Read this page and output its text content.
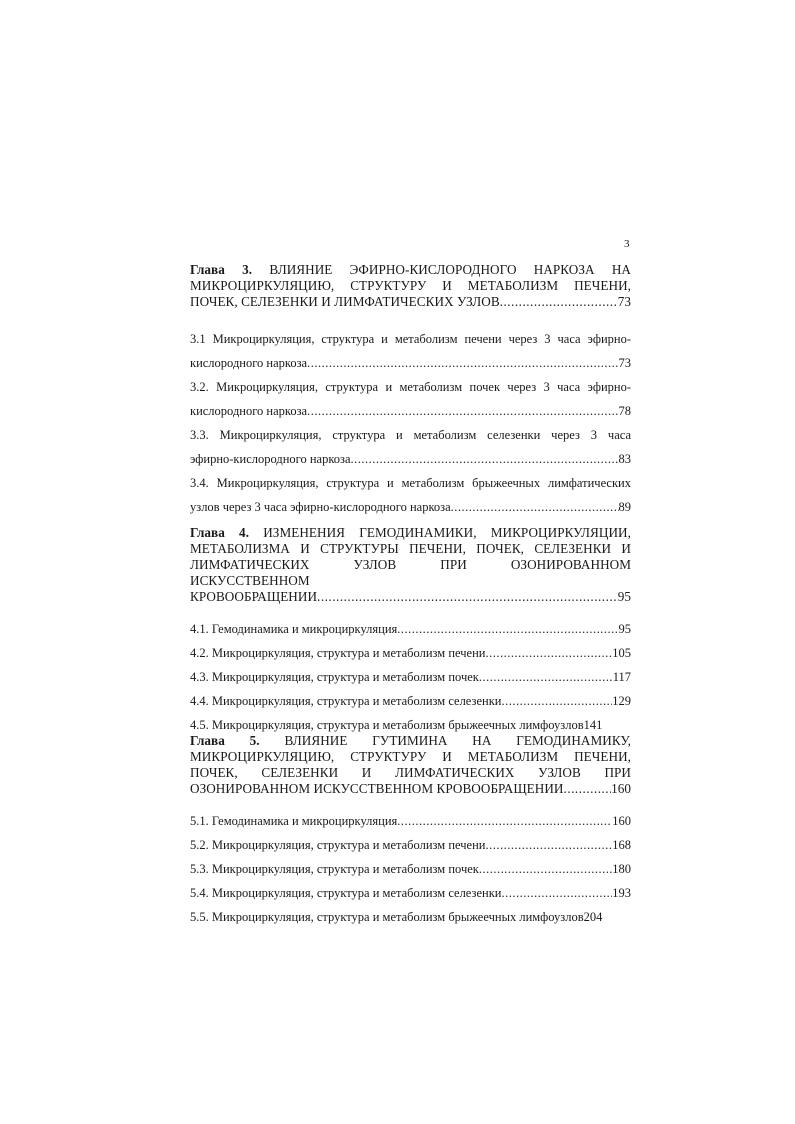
3
Глава 3. ВЛИЯНИЕ ЭФИРНО-КИСЛОРОДНОГО НАРКОЗА НА
МИКРОЦИРКУЛЯЦИЮ, СТРУКТУРУ И МЕТАБОЛИЗМ ПЕЧЕНИ,
ПОЧЕК, СЕЛЕЗЕНКИ И ЛИМФАТИЧЕСКИХ УЗЛОВ .....	73
3.1 Микроциркуляция, структура и метаболизм печени через 3 часа эфирно-
кислородного наркоза .....	73
3.2. Микроциркуляция, структура и метаболизм почек через 3 часа эфирно-
кислородного наркоза .....	78
3.3. Микроциркуляция, структура и метаболизм селезенки через 3 часа
эфирно-кислородного наркоза .....	83
3.4. Микроциркуляция, структура и метаболизм брыжеечных лимфатических
узлов через 3 часа эфирно-кислородного наркоза .....	89
Глава 4. ИЗМЕНЕНИЯ ГЕМОДИНАМИКИ, МИКРОЦИРКУЛЯЦИИ,
МЕТАБОЛИЗМА И СТРУКТУРЫ ПЕЧЕНИ, ПОЧЕК, СЕЛЕЗЕНКИ И
ЛИМФАТИЧЕСКИХ УЗЛОВ ПРИ ОЗОНИРОВАННОМ ИСКУССТВЕННОМ
КРОВООБРАЩЕНИИ .....	95
4.1. Гемодинамика и микроциркуляция .....	95
4.2. Микроциркуляция, структура и метаболизм печени .....	105
4.3. Микроциркуляция, структура и метаболизм почек .....	117
4.4. Микроциркуляция, структура и метаболизм селезенки .....	129
4.5. Микроциркуляция, структура и метаболизм брыжеечных лимфоузлов 141
Глава 5. ВЛИЯНИЕ ГУТИМИНА НА ГЕМОДИНАМИКУ,
МИКРОЦИРКУЛЯЦИЮ, СТРУКТУРУ И МЕТАБОЛИЗМ ПЕЧЕНИ,
ПОЧЕК, СЕЛЕЗЕНКИ И ЛИМФАТИЧЕСКИХ УЗЛОВ ПРИ
ОЗОНИРОВАННОМ ИСКУССТВЕННОМ КРОВООБРАЩЕНИИ .....	160
5.1. Гемодинамика и микроциркуляция .....	160
5.2. Микроциркуляция, структура и метаболизм печени .....	168
5.3. Микроциркуляция, структура и метаболизм почек .....	180
5.4. Микроциркуляция, структура и метаболизм селезенки .....	193
5.5. Микроциркуляция, структура и метаболизм брыжеечных лимфоузлов 204
